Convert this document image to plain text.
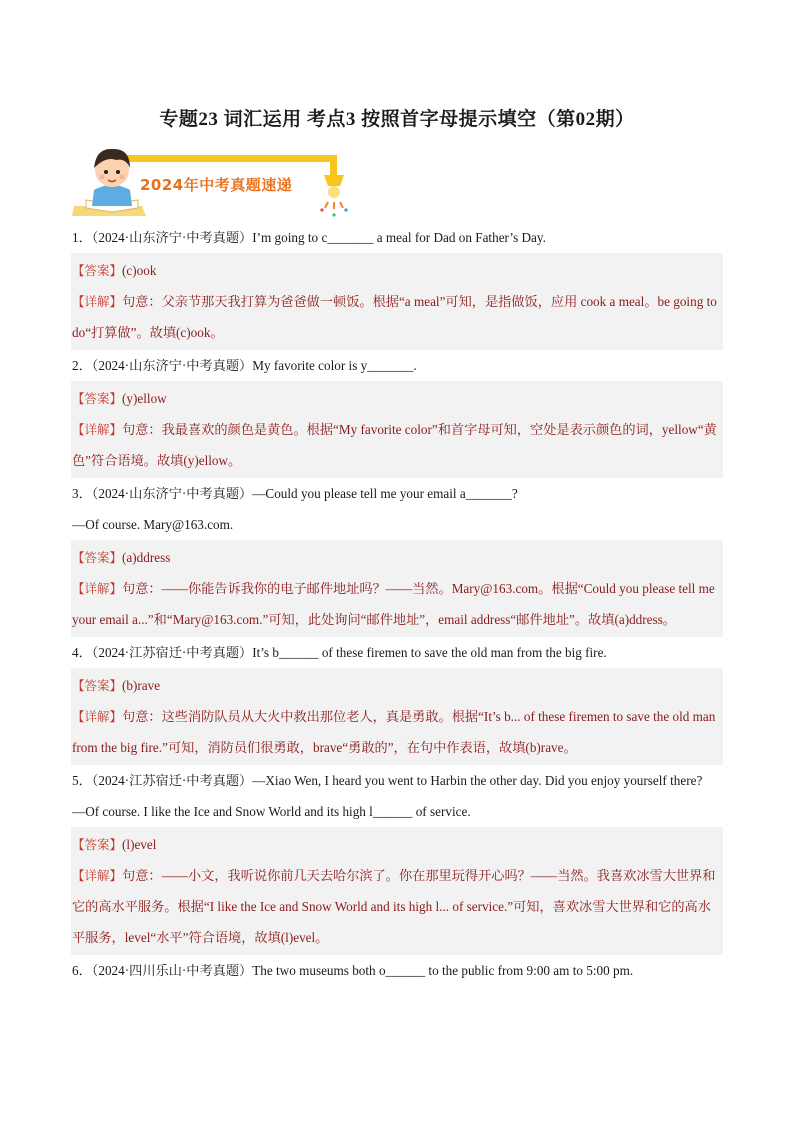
专题23 词汇运用 考点3 按照首字母提示填空（第02期）
2024年中考真题速递
1．（2024·山东济宁·中考真题）I’m going to c_______ a meal for Dad on Father’s Day.
【答案】(c)ook
【详解】句意：父亲节那天我打算为爸爸做一顿饭。根据“a meal”可知，是指做饭，应用 cook a meal。be going to do“打算做”。故填(c)ook。
2．（2024·山东济宁·中考真题）My favorite color is y_______.
【答案】(y)ellow
【详解】句意：我最喜欢的颜色是黄色。根据“My favorite color”和首字母可知，空处是表示颜色的词，yellow“黄色”符合语境。故填(y)ellow。
3．（2024·山东济宁·中考真题）—Could you please tell me your email a_______?
—Of course. Mary@163.com.
【答案】(a)ddress
【详解】句意：——你能告诉我你的电子邮件地址吗？——当然。Mary@163.com。根据“Could you please tell me your email a...”和“Mary@163.com.”可知，此处询问“邮件地址”，email address“邮件地址”。故填(a)ddress。
4．（2024·江苏宿迁·中考真题）It’s b______ of these firemen to save the old man from the big fire.
【答案】(b)rave
【详解】句意：这些消防队员从大火中救出那位老人，真是勇敢。根据“It’s b... of these firemen to save the old man from the big fire.”可知，消防员们很勇敢，brave“勇敢的”，在句中作表语，故填(b)rave。
5．（2024·江苏宿迁·中考真题）—Xiao Wen, I heard you went to Harbin the other day. Did you enjoy yourself there?
—Of course. I like the Ice and Snow World and its high l______ of service.
【答案】(l)evel
【详解】句意：——小文，我听说你前几天去哈尔滨了。你在那里玩得开心吗？——当然。我喜欢冰雪大世界和它的高水平服务。根据“I like the Ice and Snow World and its high l... of service.”可知，喜欢冰雪大世界和它的高水平服务，level“水平”符合语境，故填(l)evel。
6．（2024·四川乐山·中考真题）The two museums both o______ to the public from 9:00 am to 5:00 pm.
